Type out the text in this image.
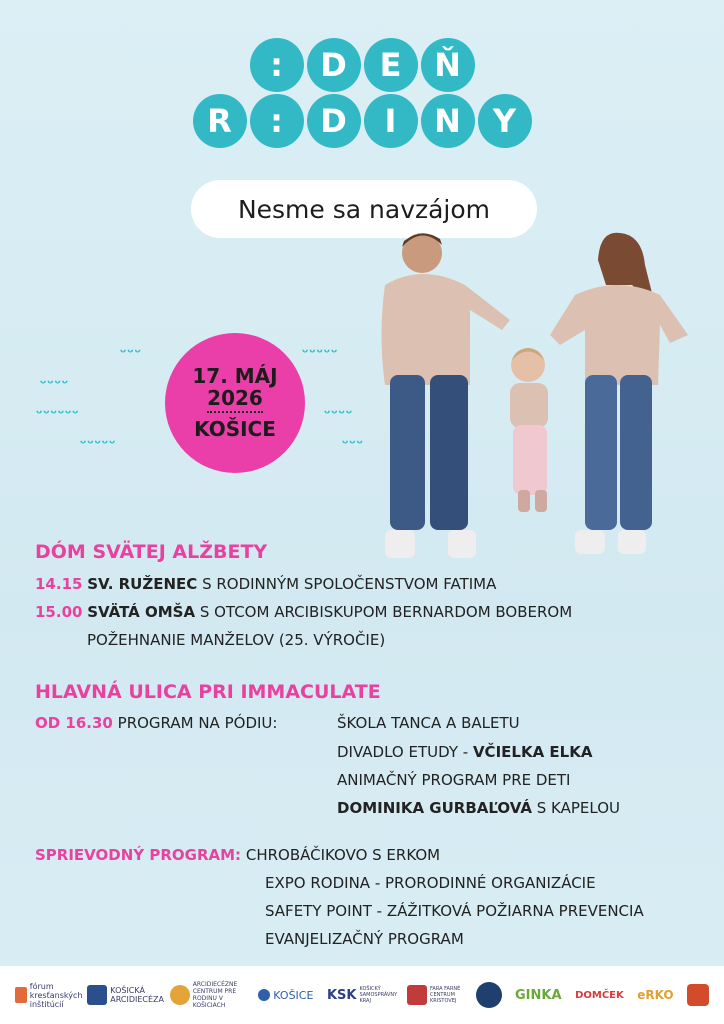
:	D	E	Ň
R	:	D	I	N	Y
Nesme sa navzájom
ᵕᵕᵕ
ᵕᵕᵕᵕ
ᵕᵕᵕᵕᵕᵕ
ᵕᵕᵕᵕᵕ
ᵕᵕᵕᵕᵕ
ᵕᵕᵕᵕ
ᵕᵕᵕ
17. MÁJ
2026
KOŠICE
DÓM SVÄTEJ ALŽBETY
14.15 SV. RUŽENEC S RODINNÝM SPOLOČENSTVOM FATIMA
15.00 SVÄTÁ OMŠA S OTCOM ARCIBISKUPOM BERNARDOM BOBEROM
POŽEHNANIE MANŽELOV (25. VÝROČIE)
HLAVNÁ ULICA PRI IMMACULATE
OD 16.30 PROGRAM NA PÓDIU:	ŠKOLA TANCA A BALETU
DIVADLO ETUDY - VČIELKA ELKA
ANIMAČNÝ PROGRAM PRE DETI
DOMINIKA GURBAĽOVÁ S KAPELOU
SPRIEVODNÝ PROGRAM: CHROBÁČIKOVO S ERKOM
EXPO RODINA - PRORODINNÉ ORGANIZÁCIE
SAFETY POINT - ZÁŽITKOVÁ POŽIARNA PREVENCIA
EVANJELIZAČNÝ PROGRAM
fórum kresťanských inštitúcií
KOŠICKÁ ARCIDIECÉZA
ARCIDIECÉZNE CENTRUM PRE RODINU V KOŠICIACH
KOŠICE KSK KOŠICKÝ SAMOSPRÁVNY KRAJ
FARA FARNÉ CENTRUM KRISTOVEJ	GINKA DOMČEK eRKO
